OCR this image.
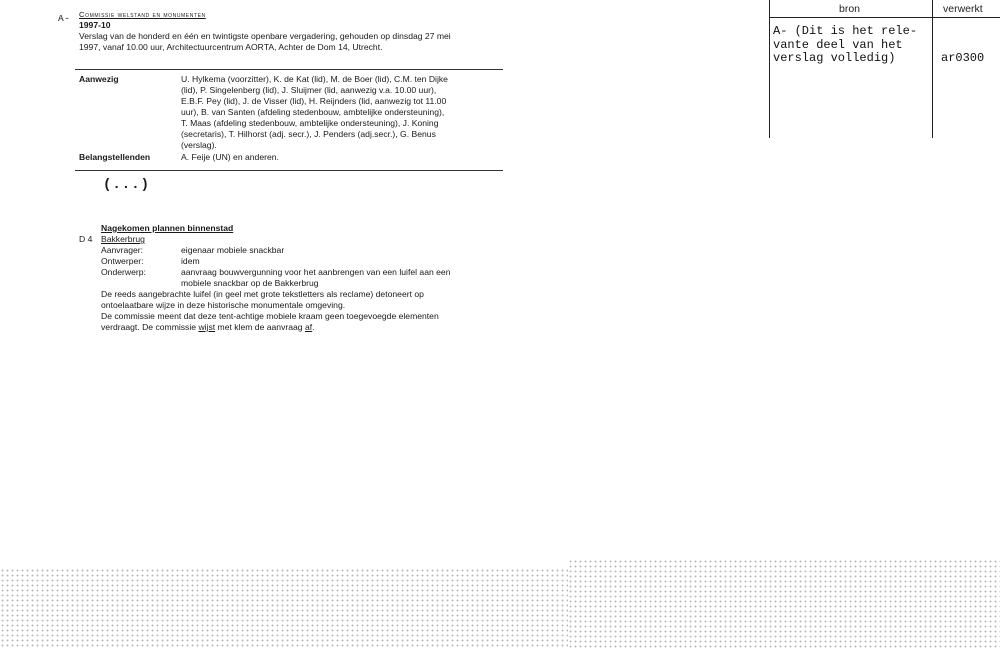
A- Commissie welstand en monumenten
1997-10
Verslag van de honderd en één en twintigste openbare vergadering, gehouden op dinsdag 27 mei
1997, vanaf 10.00 uur, Architectuurcentrum AORTA, Achter de Dom 14, Utrecht.
Aanwezig	U. Hylkema (voorzitter), K. de Kat (lid), M. de Boer (lid), C.M. ten Dijke
(lid), P. Singelenberg (lid), J. Sluijmer (lid, aanwezig v.a. 10.00 uur),
E.B.F. Pey (lid), J. de Visser (lid), H. Reijnders (lid, aanwezig tot 11.00
uur), B. van Santen (afdeling stedenbouw, ambtelijke ondersteuning),
T. Maas (afdeling stedenbouw, ambtelijke ondersteuning), J. Koning
(secretaris), T. Hilhorst (adj. secr.), J. Penders (adj.secr.), G. Benus
(verslag).
Belangstellenden	A. Feije (UN) en anderen.
(...)
Nagekomen plannen binnenstad
D 4 Bakkerbrug
Aanvrager:	eigenaar mobiele snackbar
Ontwerper:	idem
Onderwerp:	aanvraag bouwvergunning voor het aanbrengen van een luifel aan een
mobiele snackbar op de Bakkerbrug
De reeds aangebrachte luifel (in geel met grote tekstletters als reclame) detoneert op
ontoelaatbare wijze in deze historische monumentale omgeving.
De commissie meent dat deze tent-achtige mobiele kraam geen toegevoegde elementen
verdraagt. De commissie wijst met klem de aanvraag af.
bron	verwerkt
A- (Dit is het rele-
vante deel van het
verslag volledig)	ar0300
